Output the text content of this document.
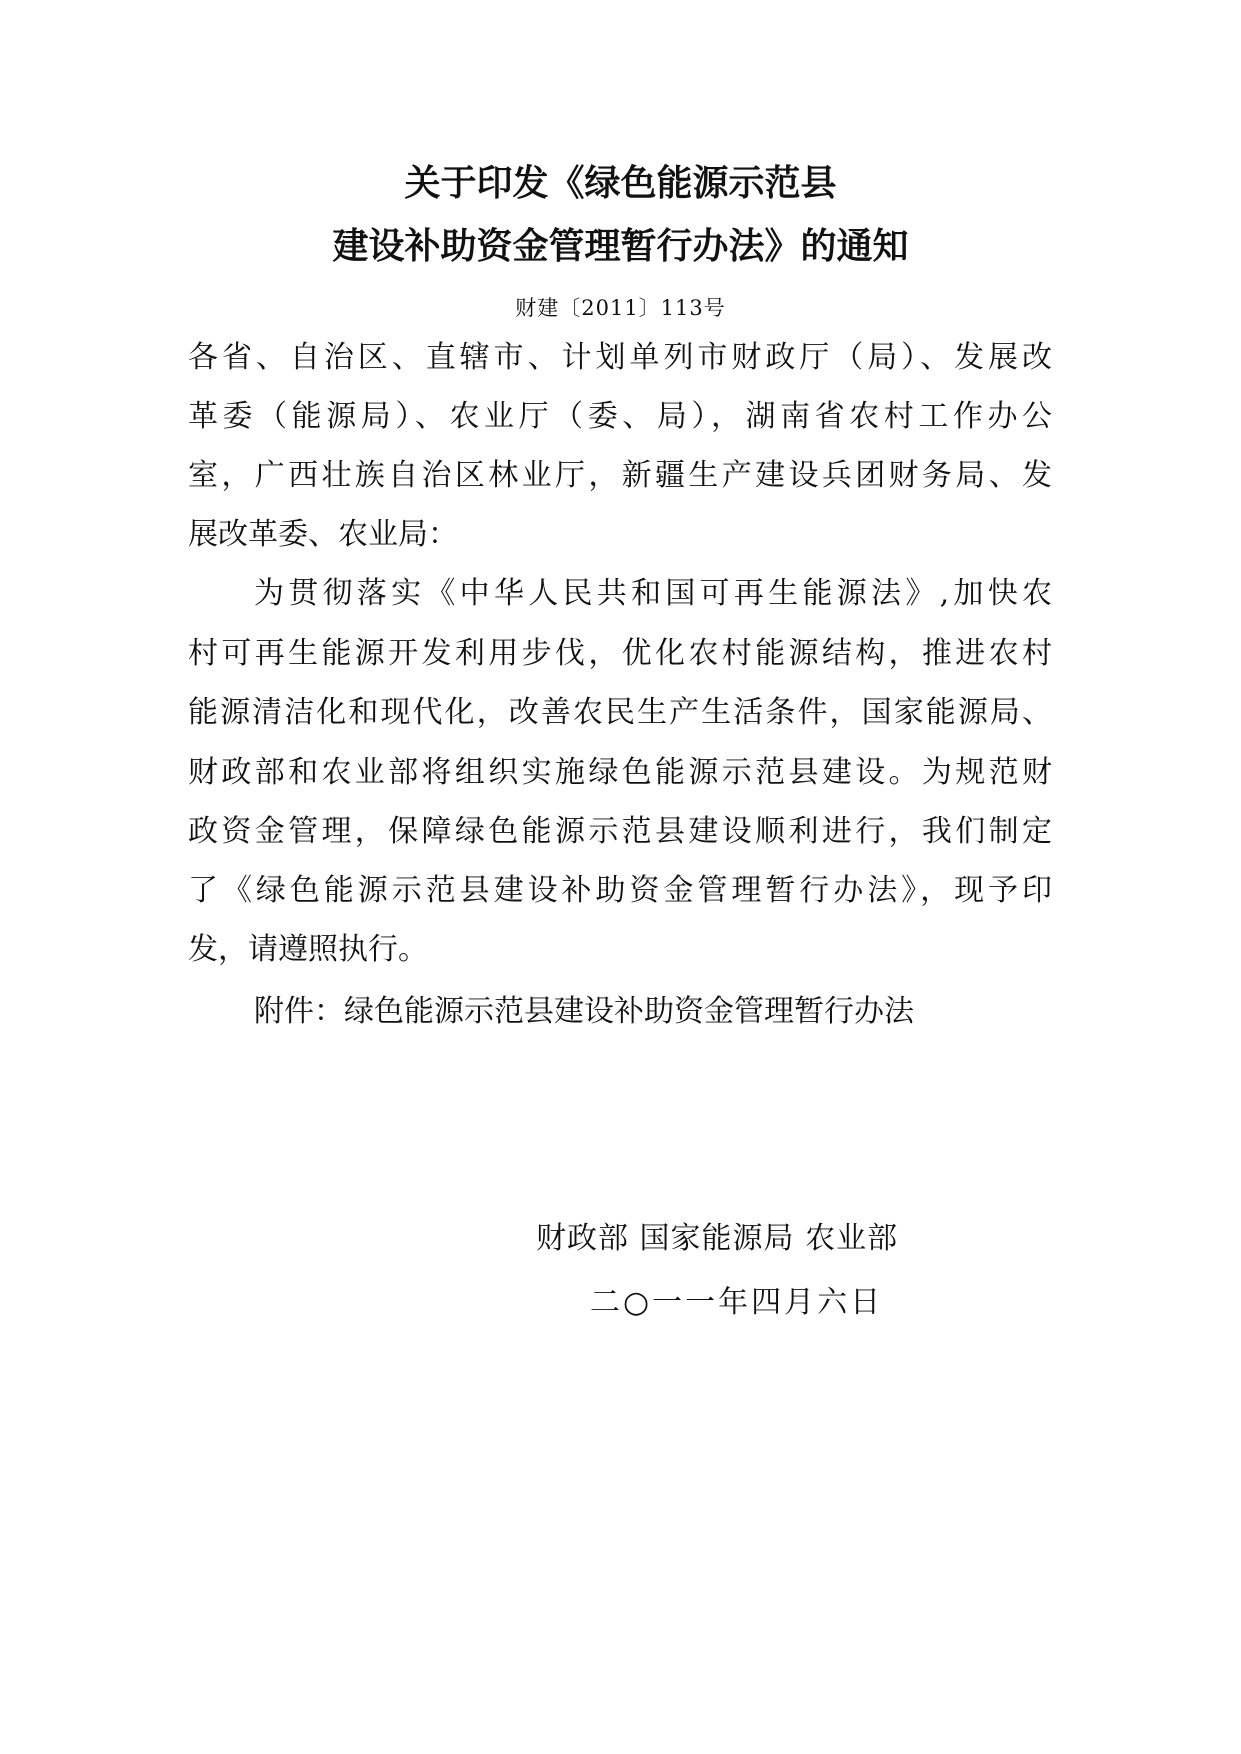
关于印发《绿色能源示范县
建设补助资金管理暂行办法》的通知
财建〔2011〕113号
各省、自治区、直辖市、计划单列市财政厅（局）、发展改
革委（能源局）、农业厅（委、局），湖南省农村工作办公
室，广西壮族自治区林业厅，新疆生产建设兵团财务局、发
展改革委、农业局：
为贯彻落实《中华人民共和国可再生能源法》,加快农
村可再生能源开发利用步伐，优化农村能源结构，推进农村
能源清洁化和现代化，改善农民生产生活条件，国家能源局、
财政部和农业部将组织实施绿色能源示范县建设。为规范财
政资金管理，保障绿色能源示范县建设顺利进行，我们制定
了《绿色能源示范县建设补助资金管理暂行办法》，现予印
发，请遵照执行。
附件：绿色能源示范县建设补助资金管理暂行办法
财政部 国家能源局 农业部
二○一一年四月六日
